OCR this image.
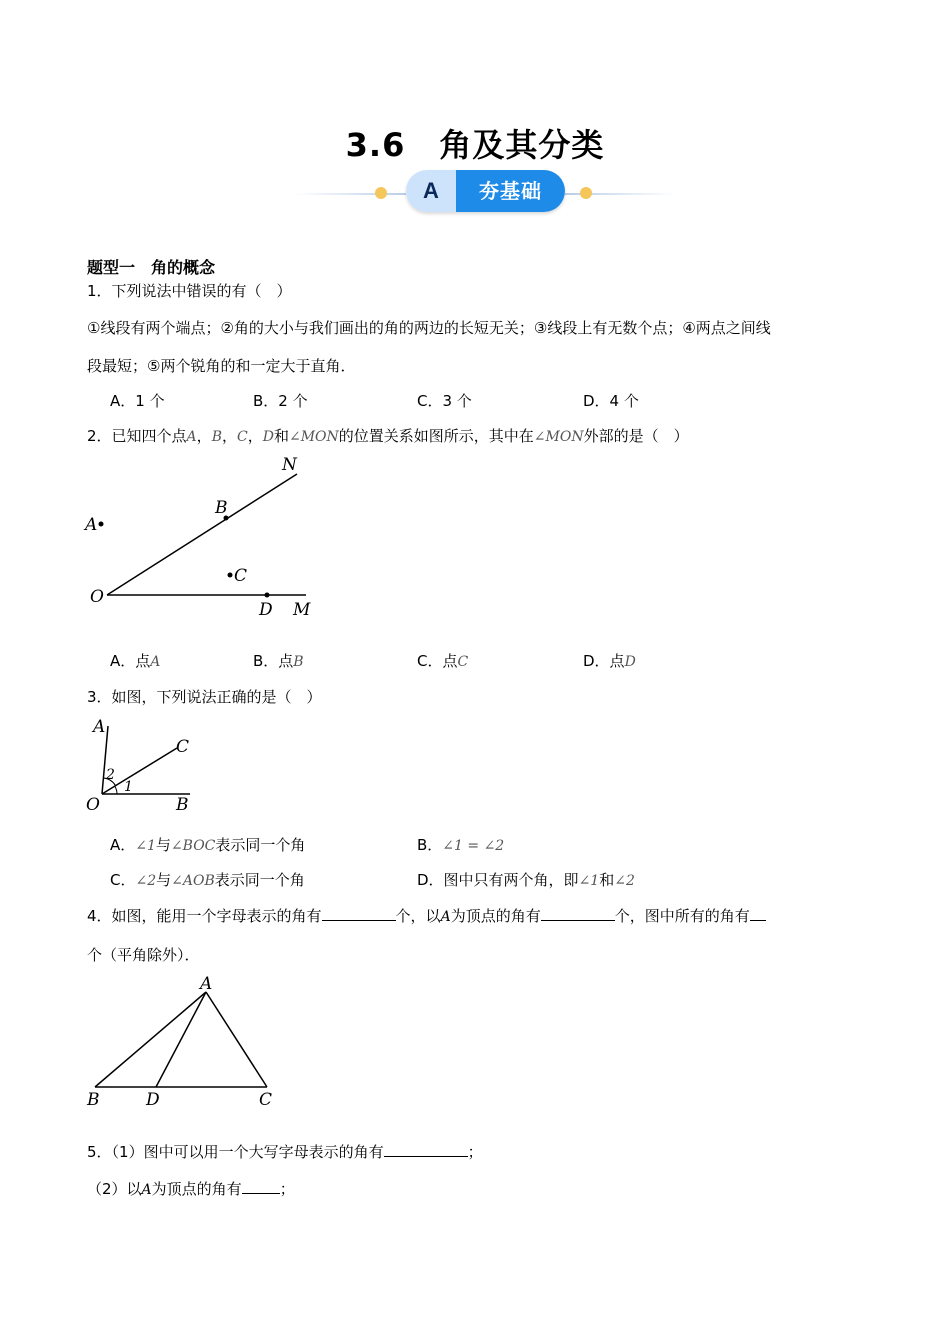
3.6 角及其分类
A	夯基础
题型一 角的概念
1．下列说法中错误的有（　）
①线段有两个端点；②角的大小与我们画出的角的两边的长短无关；③线段上有无数个点；④两点之间线
段最短；⑤两个锐角的和一定大于直角．
A．1 个	B．2 个	C．3 个	D．4 个
2．已知四个点A，B，C，D和∠MON的位置关系如图所示，其中在∠MON外部的是（　）
N
B
A
C
O
D M
A．点A	B．点B	C．点C	D．点D
3．如图，下列说法正确的是（　）
A
C
2
1
O	B
A．∠1与∠BOC表示同一个角	B．∠1 = ∠2
C．∠2与∠AOB表示同一个角	D．图中只有两个角，即∠1和∠2
4．如图，能用一个字母表示的角有	个，以A为顶点的角有	个，图中所有的角有
个（平角除外）．
A
B	D	C
5．（1）图中可以用一个大写字母表示的角有	；
（2）以A为顶点的角有	；
